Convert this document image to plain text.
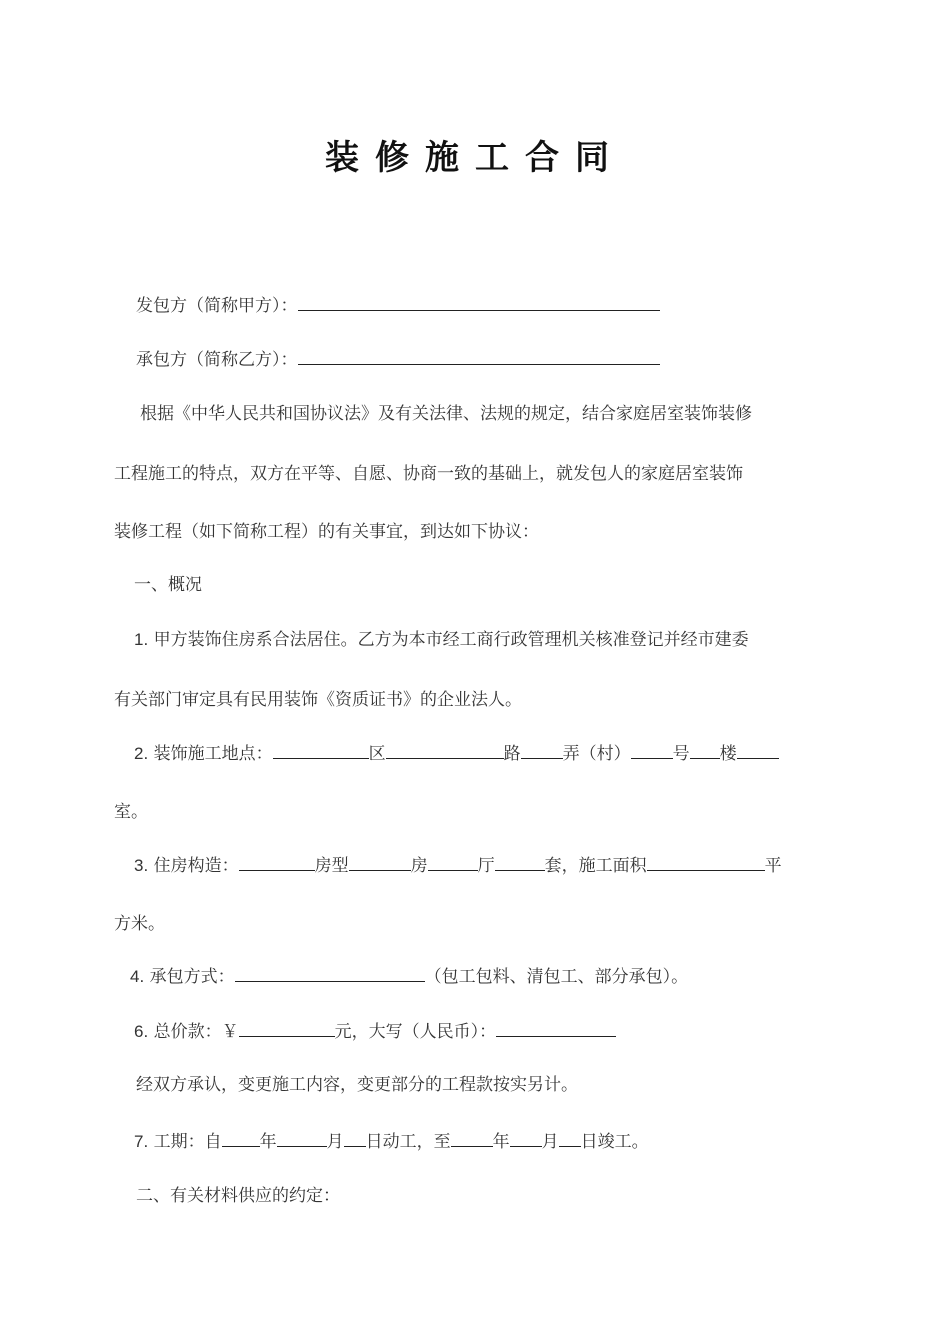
装修施工合同
发包方（简称甲方）：
承包方（简称乙方）：
根据《中华人民共和国协议法》及有关法律、法规的规定，结合家庭居室装饰装修
工程施工的特点，双方在平等、自愿、协商一致的基础上，就发包人的家庭居室装饰
装修工程（如下简称工程）的有关事宜，到达如下协议：
一、概况
1. 甲方装饰住房系合法居住。乙方为本市经工商行政管理机关核准登记并经市建委
有关部门审定具有民用装饰《资质证书》的企业法人。
2. 装饰施工地点：	区	路 弄（村） 号 楼
室。
3. 住房构造：	房型	房	厅	套，施工面积	平
方米。
4. 承包方式：	（包工包料、清包工、部分承包）。
6. 总价款：￥	元，大写（人民币）：
经双方承认，变更施工内容，变更部分的工程款按实另计。
7. 工期：自 年	月 日动工，至 年 月 日竣工。
二、有关材料供应的约定：
